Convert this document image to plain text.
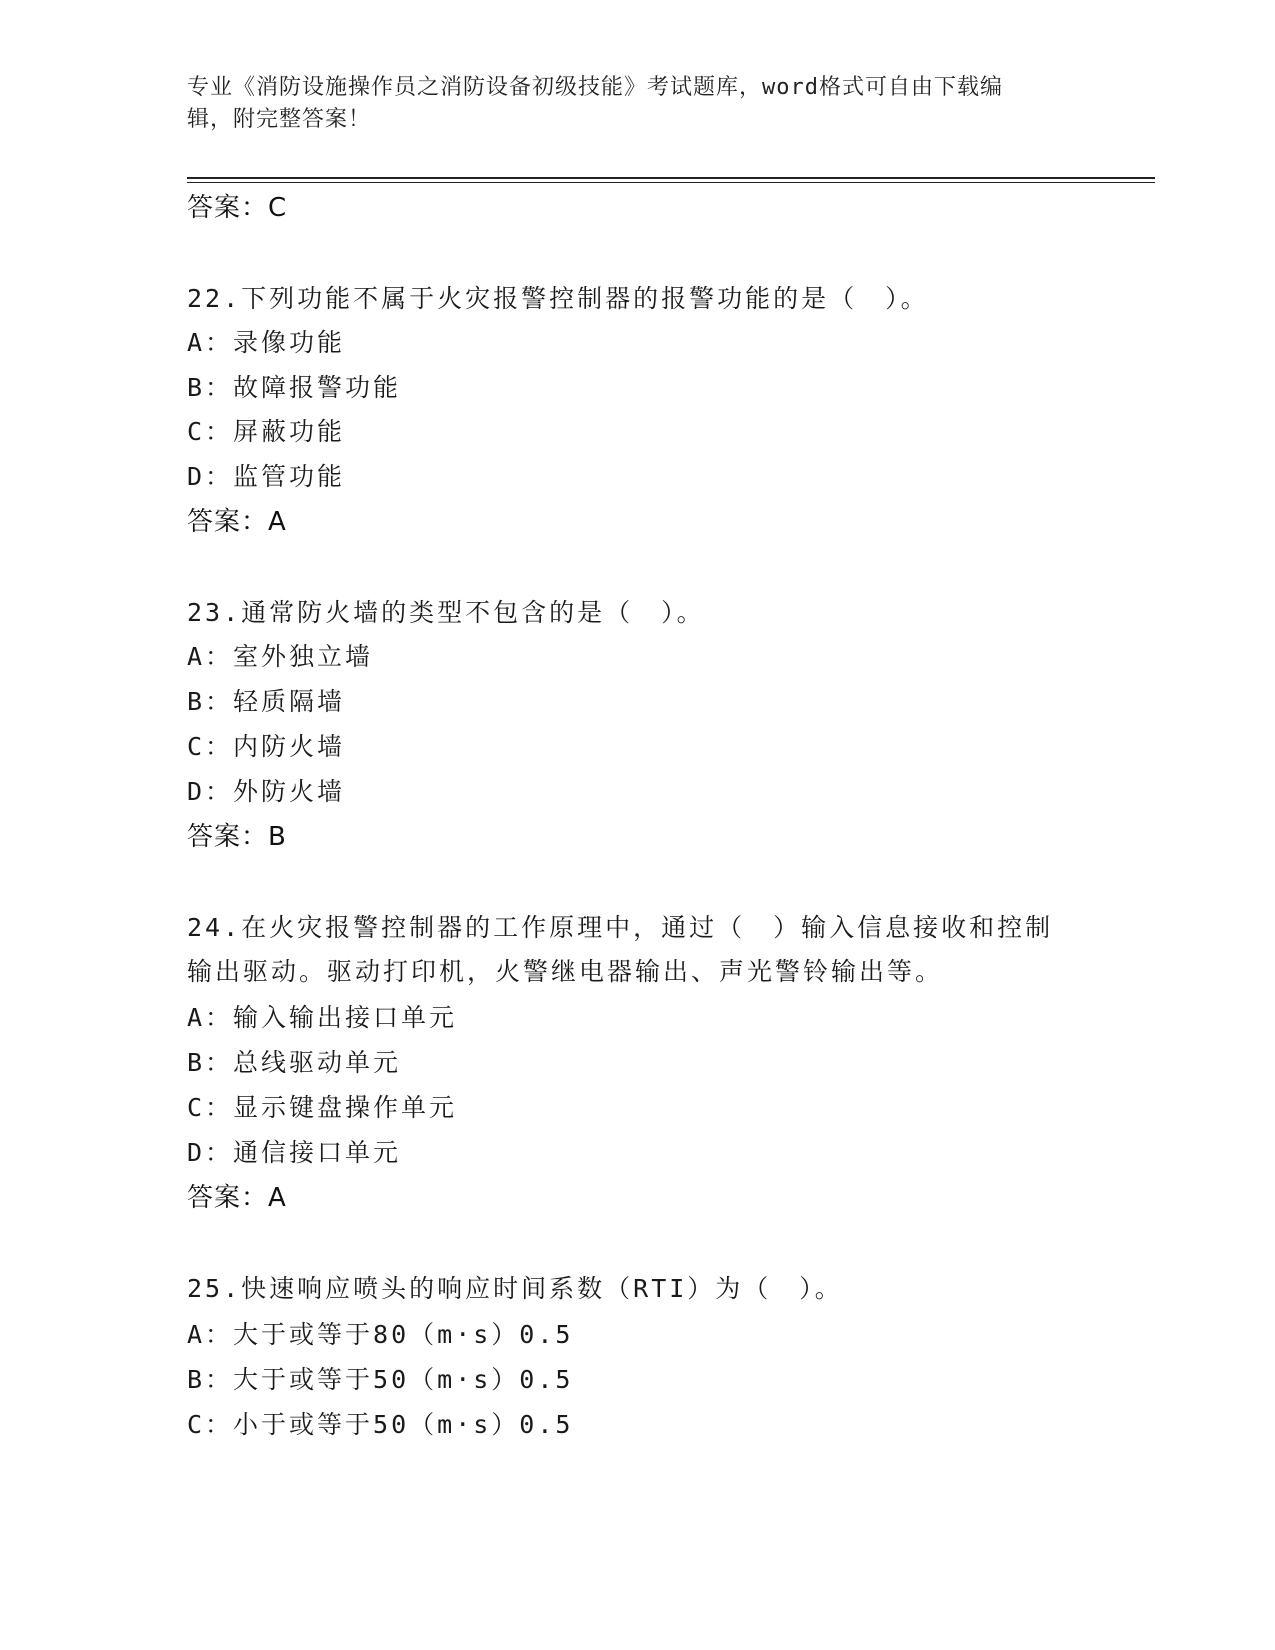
专业《消防设施操作员之消防设备初级技能》考试题库，word格式可自由下载编
辑，附完整答案！
答案：C
22.下列功能不属于火灾报警控制器的报警功能的是（　）。
A：录像功能
B：故障报警功能
C：屏蔽功能
D：监管功能
答案：A
23.通常防火墙的类型不包含的是（　）。
A：室外独立墙
B：轻质隔墙
C：内防火墙
D：外防火墙
答案：B
24.在火灾报警控制器的工作原理中，通过（　）输入信息接收和控制
输出驱动。驱动打印机，火警继电器输出、声光警铃输出等。
A：输入输出接口单元
B：总线驱动单元
C：显示键盘操作单元
D：通信接口单元
答案：A
25.快速响应喷头的响应时间系数（RTI）为（　）。
A：大于或等于80（m·s）0.5
B：大于或等于50（m·s）0.5
C：小于或等于50（m·s）0.5
